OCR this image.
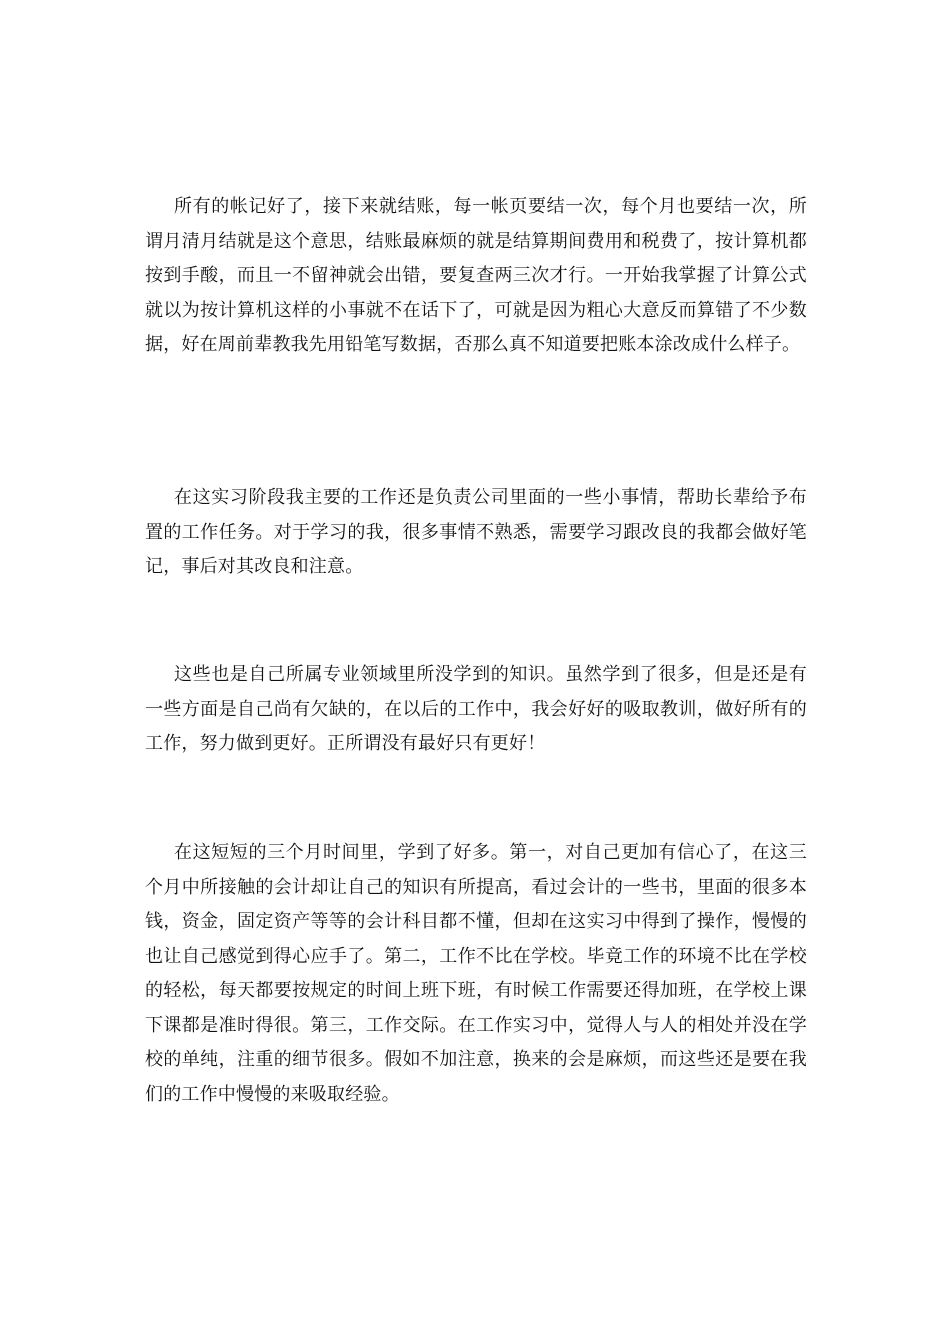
所有的帐记好了，接下来就结账，每一帐页要结一次，每个月也要结一次，所谓月清月结就是这个意思，结账最麻烦的就是结算期间费用和税费了，按计算机都按到手酸，而且一不留神就会出错，要复查两三次才行。一开始我掌握了计算公式就以为按计算机这样的小事就不在话下了，可就是因为粗心大意反而算错了不少数据，好在周前辈教我先用铅笔写数据，否那么真不知道要把账本涂改成什么样子。

在这实习阶段我主要的工作还是负责公司里面的一些小事情，帮助长辈给予布置的工作任务。对于学习的我，很多事情不熟悉，需要学习跟改良的我都会做好笔记，事后对其改良和注意。

这些也是自己所属专业领域里所没学到的知识。虽然学到了很多，但是还是有一些方面是自己尚有欠缺的，在以后的工作中，我会好好的吸取教训，做好所有的工作，努力做到更好。正所谓没有最好只有更好！

在这短短的三个月时间里，学到了好多。第一，对自己更加有信心了，在这三个月中所接触的会计却让自己的知识有所提高，看过会计的一些书，里面的很多本钱，资金，固定资产等等的会计科目都不懂，但却在这实习中得到了操作，慢慢的也让自己感觉到得心应手了。第二，工作不比在学校。毕竟工作的环境不比在学校的轻松，每天都要按规定的时间上班下班，有时候工作需要还得加班，在学校上课下课都是准时得很。第三，工作交际。在工作实习中，觉得人与人的相处并没在学校的单纯，注重的细节很多。假如不加注意，换来的会是麻烦，而这些还是要在我们的工作中慢慢的来吸取经验。
